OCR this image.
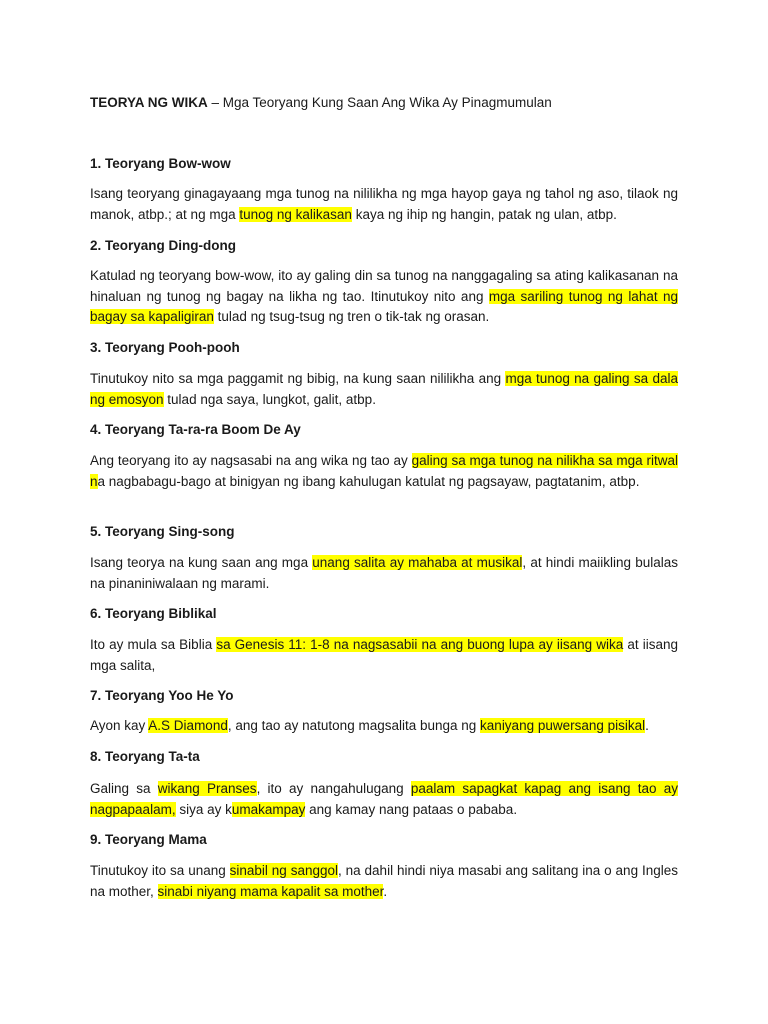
TEORYA NG WIKA – Mga Teoryang Kung Saan Ang Wika Ay Pinagmumulan
1. Teoryang Bow-wow
Isang teoryang ginagayaang mga tunog na nililikha ng mga hayop gaya ng tahol ng aso, tilaok ng manok, atbp.; at ng mga tunog ng kalikasan kaya ng ihip ng hangin, patak ng ulan, atbp.
2. Teoryang Ding-dong
Katulad ng teoryang bow-wow, ito ay galing din sa tunog na nanggagaling sa ating kalikasanan na hinaluan ng tunog ng bagay na likha ng tao. Itinutukoy nito ang mga sariling tunog ng lahat ng bagay sa kapaligiran tulad ng tsug-tsug ng tren o tik-tak ng orasan.
3. Teoryang Pooh-pooh
Tinutukoy nito sa mga paggamit ng bibig, na kung saan nililikha ang mga tunog na galing sa dala ng emosyon tulad nga saya, lungkot, galit, atbp.
4. Teoryang Ta-ra-ra Boom De Ay
Ang teoryang ito ay nagsasabi na ang wika ng tao ay galing sa mga tunog na nilikha sa mga ritwal na nagbabagu-bago at binigyan ng ibang kahulugan katulat ng pagsayaw, pagtatanim, atbp.
5. Teoryang Sing-song
Isang teorya na kung saan ang mga unang salita ay mahaba at musikal, at hindi maiikling bulalas na pinaniniwalaan ng marami.
6. Teoryang Biblikal
Ito ay mula sa Biblia sa Genesis 11: 1-8 na nagsasabii na ang buong lupa ay iisang wika at iisang mga salita,
7. Teoryang Yoo He Yo
Ayon kay A.S Diamond, ang tao ay natutong magsalita bunga ng kaniyang puwersang pisikal.
8. Teoryang Ta-ta
Galing sa wikang Pranses, ito ay nangahulugang paalam sapagkat kapag ang isang tao ay nagpapaalam, siya ay kumakampay ang kamay nang pataas o pababa.
9. Teoryang Mama
Tinutukoy ito sa unang sinabil ng sanggol, na dahil hindi niya masabi ang salitang ina o ang Ingles na mother, sinabi niyang mama kapalit sa mother.
